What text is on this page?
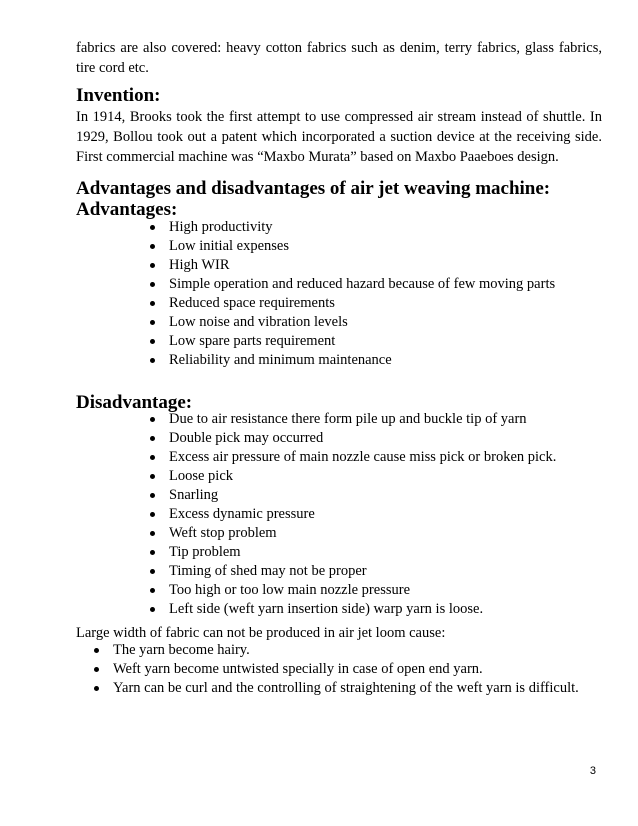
fabrics are also covered: heavy cotton fabrics such as denim, terry fabrics, glass fabrics, tire cord etc.

Invention:

In 1914, Brooks took the first attempt to use compressed air stream instead of shuttle. In 1929, Bollou took out a patent which incorporated a suction device at the receiving side. First commercial machine was “Maxbo Murata” based on Maxbo Paaeboes design.

Advantages and disadvantages of air jet weaving machine:
Advantages:
High productivity
Low initial expenses
High WIR
Simple operation and reduced hazard because of few moving parts
Reduced space requirements
Low noise and vibration levels
Low spare parts requirement
Reliability and minimum maintenance
Disadvantage:
Due to air resistance there form pile up and buckle tip of yarn
Double pick may occurred
Excess air pressure of main nozzle cause miss pick or broken pick.
Loose pick
Snarling
Excess dynamic pressure
Weft stop problem
Tip problem
Timing of shed may not be proper
Too high or too low main nozzle pressure
Left side (weft yarn insertion side) warp yarn is loose.

Large width of fabric can not be produced in air jet loom cause:

The yarn become hairy.
Weft yarn become untwisted specially in case of open end yarn.
Yarn can be curl and the controlling of straightening of the weft yarn is difficult.
3
